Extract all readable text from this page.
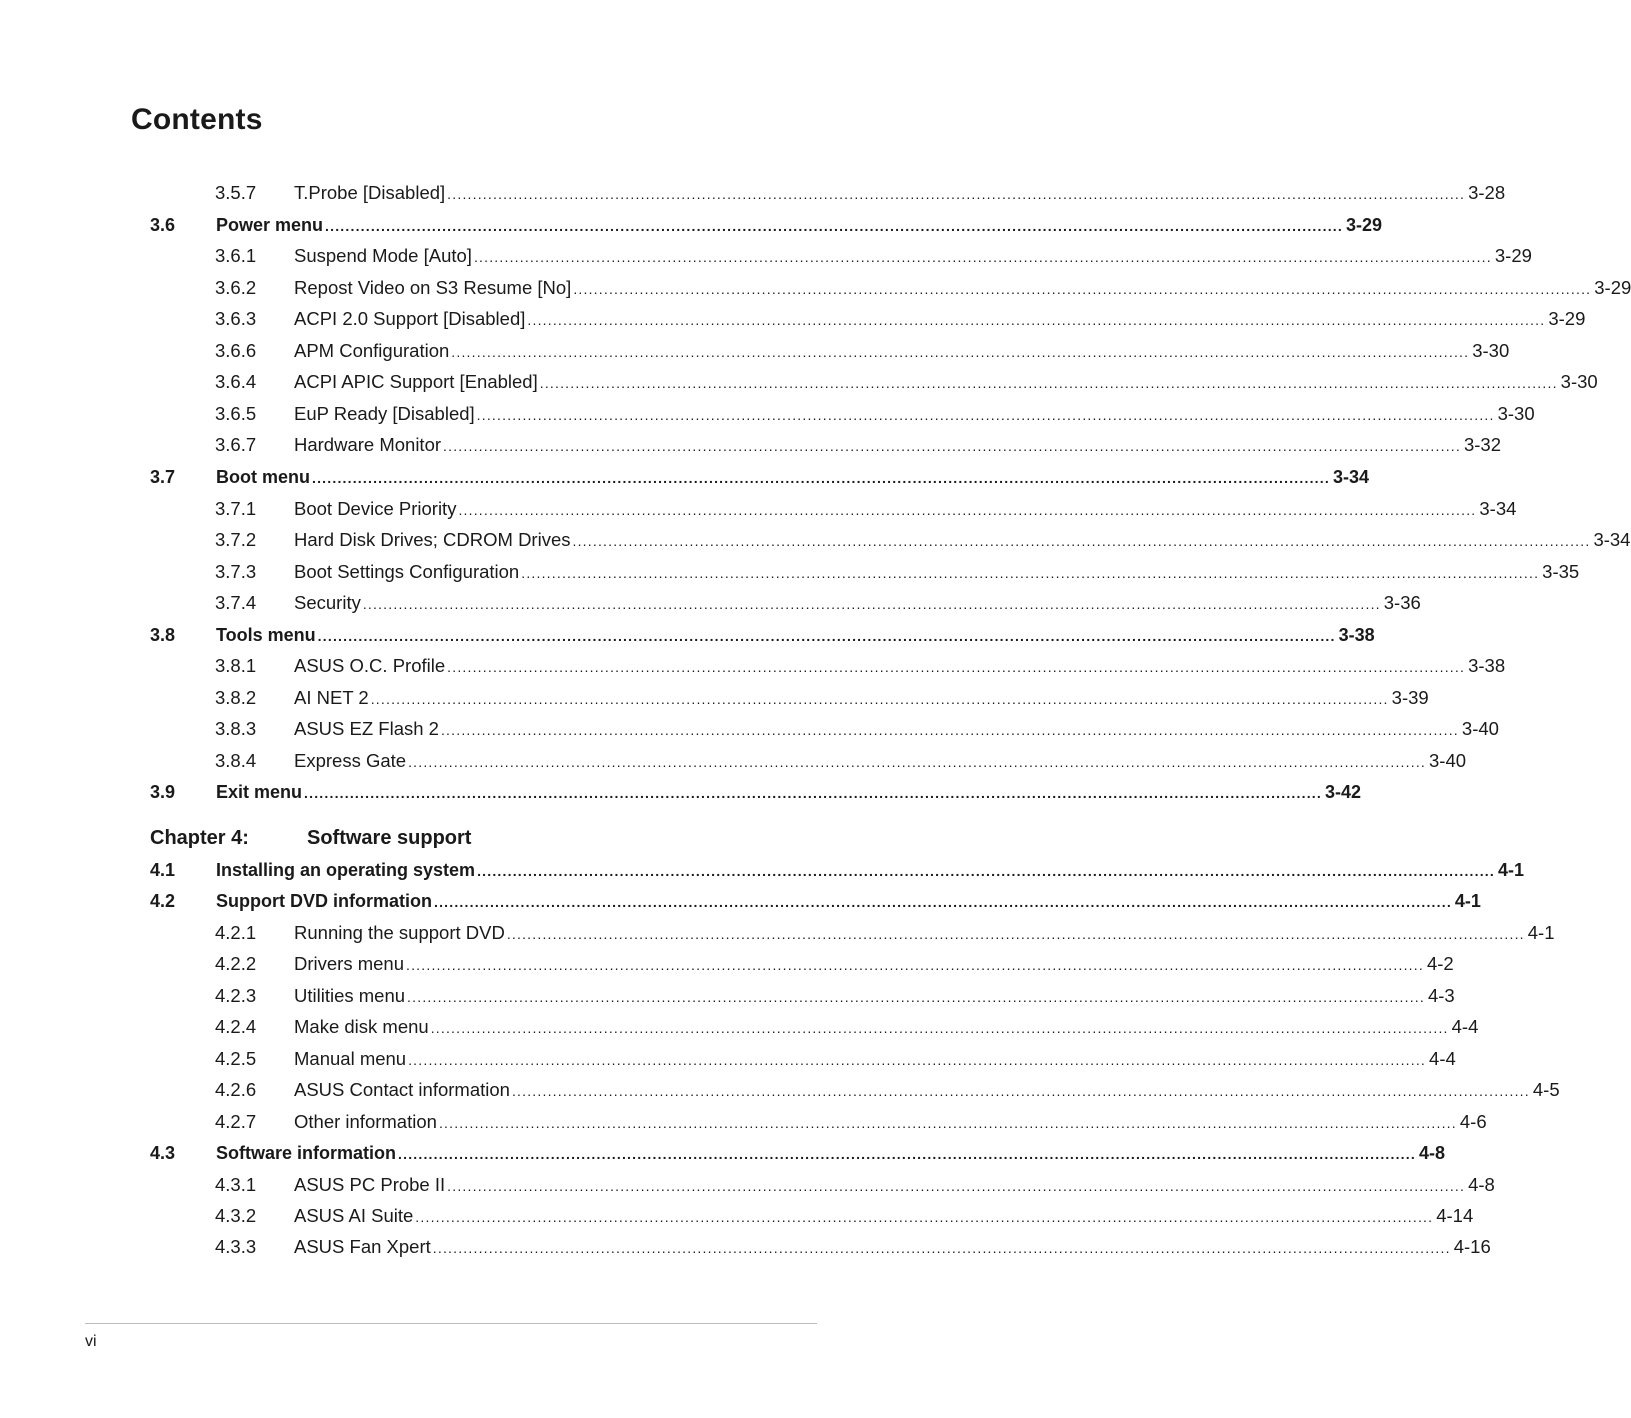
Contents
3.5.7 T.Probe [Disabled] ........................................................................................................................................................................................................ 3-28
3.6 Power menu ........................................................................................................................................................................................................ 3-29
3.6.1 Suspend Mode [Auto] ........................................................................................................................................................................................................ 3-29
3.6.2 Repost Video on S3 Resume [No] ........................................................................................................................................................................................................ 3-29
3.6.3 ACPI 2.0 Support [Disabled] ........................................................................................................................................................................................................ 3-29
3.6.6 APM Configuration ........................................................................................................................................................................................................ 3-30
3.6.4 ACPI APIC Support [Enabled] ........................................................................................................................................................................................................ 3-30
3.6.5 EuP Ready [Disabled] ........................................................................................................................................................................................................ 3-30
3.6.7 Hardware Monitor ........................................................................................................................................................................................................ 3-32
3.7 Boot menu ........................................................................................................................................................................................................ 3-34
3.7.1 Boot Device Priority ........................................................................................................................................................................................................ 3-34
3.7.2 Hard Disk Drives; CDROM Drives ........................................................................................................................................................................................................ 3-34
3.7.3 Boot Settings Configuration ........................................................................................................................................................................................................ 3-35
3.7.4 Security ........................................................................................................................................................................................................ 3-36
3.8 Tools menu ........................................................................................................................................................................................................ 3-38
3.8.1 ASUS O.C. Profile ........................................................................................................................................................................................................ 3-38
3.8.2 AI NET 2 ........................................................................................................................................................................................................ 3-39
3.8.3 ASUS EZ Flash 2 ........................................................................................................................................................................................................ 3-40
3.8.4 Express Gate ........................................................................................................................................................................................................ 3-40
3.9 Exit menu ........................................................................................................................................................................................................ 3-42
Chapter 4:	Software support
4.1 Installing an operating system ........................................................................................................................................................................................................ 4-1
4.2 Support DVD information ........................................................................................................................................................................................................ 4-1
4.2.1 Running the support DVD ........................................................................................................................................................................................................ 4-1
4.2.2 Drivers menu ........................................................................................................................................................................................................ 4-2
4.2.3 Utilities menu ........................................................................................................................................................................................................ 4-3
4.2.4 Make disk menu ........................................................................................................................................................................................................ 4-4
4.2.5 Manual menu ........................................................................................................................................................................................................ 4-4
4.2.6 ASUS Contact information ........................................................................................................................................................................................................ 4-5
4.2.7 Other information ........................................................................................................................................................................................................ 4-6
4.3 Software information ........................................................................................................................................................................................................ 4-8
4.3.1 ASUS PC Probe II ........................................................................................................................................................................................................ 4-8
4.3.2 ASUS AI Suite ........................................................................................................................................................................................................ 4-14
4.3.3 ASUS Fan Xpert ........................................................................................................................................................................................................ 4-16
vi
